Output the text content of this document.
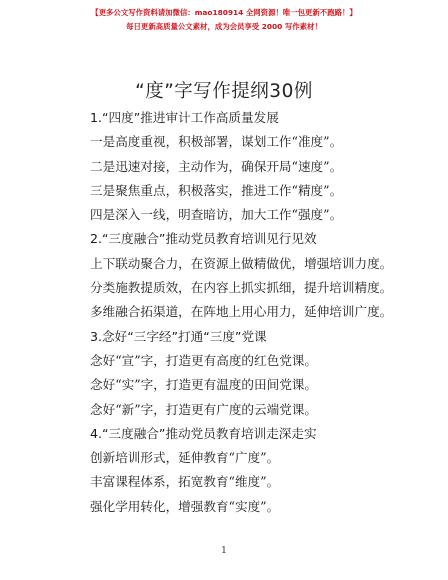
【更多公文写作资料请加微信：mao180914 全网资源！唯一包更新不跑路！】
每日更新高质量公文素材，成为会员享受 2000 写作素材！
“度”字写作提纲30例
1.“四度”推进审计工作高质量发展
一是高度重视，积极部署，谋划工作“准度”。
二是迅速对接，主动作为，确保开局“速度”。
三是聚焦重点，积极落实，推进工作“精度”。
四是深入一线，明查暗访，加大工作“强度”。
2.“三度融合”推动党员教育培训见行见效
上下联动聚合力，在资源上做精做优，增强培训力度。
分类施教提质效，在内容上抓实抓细，提升培训精度。
多维融合拓渠道，在阵地上用心用力，延伸培训广度。
3.念好“三字经”打通“三度”党课
念好“宣”字，打造更有高度的红色党课。
念好“实”字，打造更有温度的田间党课。
念好“新”字，打造更有广度的云端党课。
4.“三度融合”推动党员教育培训走深走实
创新培训形式，延伸教育“广度”。
丰富课程体系，拓宽教育“维度”。
强化学用转化，增强教育“实度”。
1
